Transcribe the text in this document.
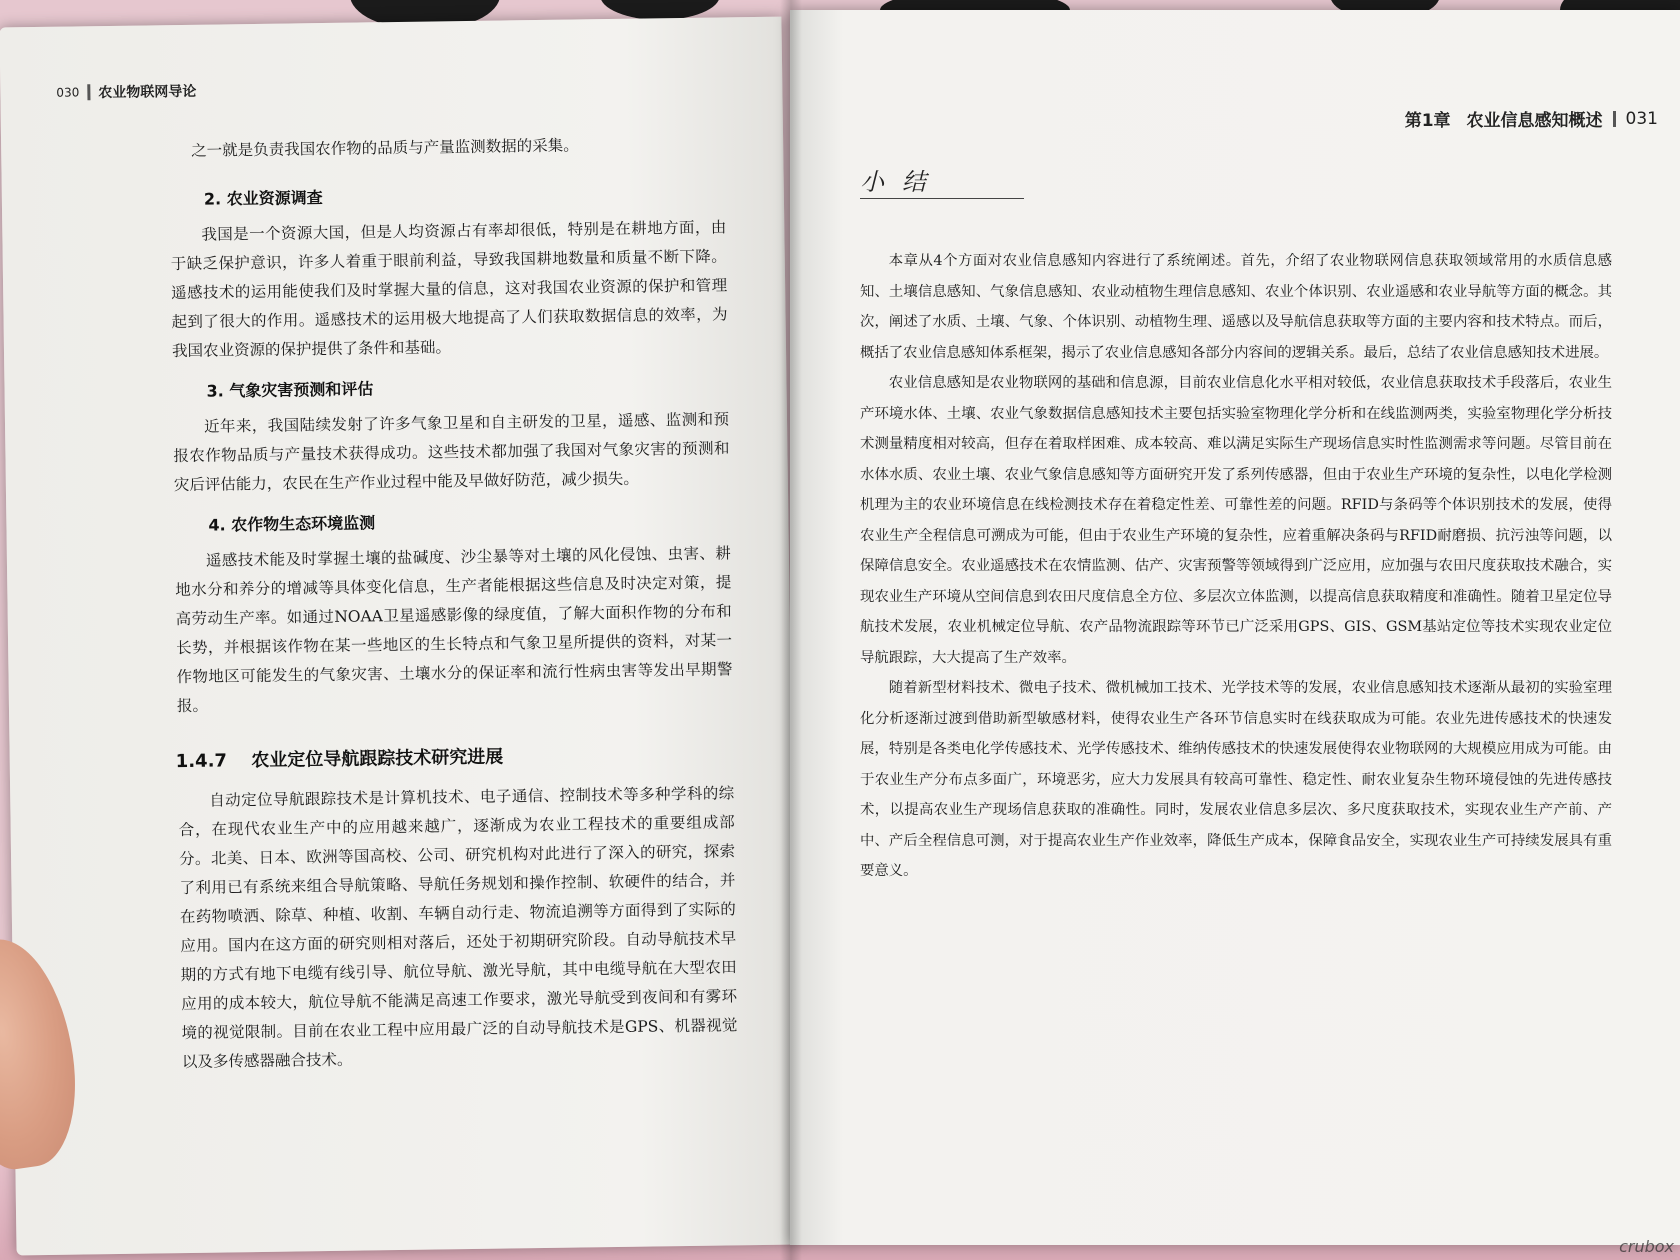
030 农业物联网导论

之一就是负责我国农作物的品质与产量监测数据的采集。

2. 农业资源调查

我国是一个资源大国，但是人均资源占有率却很低，特别是在耕地方面，由于缺乏保护意识，许多人着重于眼前利益，导致我国耕地数量和质量不断下降。遥感技术的运用能使我们及时掌握大量的信息，这对我国农业资源的保护和管理起到了很大的作用。遥感技术的运用极大地提高了人们获取数据信息的效率，为我国农业资源的保护提供了条件和基础。

3. 气象灾害预测和评估

近年来，我国陆续发射了许多气象卫星和自主研发的卫星，遥感、监测和预报农作物品质与产量技术获得成功。这些技术都加强了我国对气象灾害的预测和灾后评估能力，农民在生产作业过程中能及早做好防范，减少损失。

4. 农作物生态环境监测

遥感技术能及时掌握土壤的盐碱度、沙尘暴等对土壤的风化侵蚀、虫害、耕地水分和养分的增减等具体变化信息，生产者能根据这些信息及时决定对策，提高劳动生产率。如通过NOAA卫星遥感影像的绿度值，了解大面积作物的分布和长势，并根据该作物在某一些地区的生长特点和气象卫星所提供的资料，对某一作物地区可能发生的气象灾害、土壤水分的保证率和流行性病虫害等发出早期警报。

1.4.7 农业定位导航跟踪技术研究进展

自动定位导航跟踪技术是计算机技术、电子通信、控制技术等多种学科的综合，在现代农业生产中的应用越来越广，逐渐成为农业工程技术的重要组成部分。北美、日本、欧洲等国高校、公司、研究机构对此进行了深入的研究，探索了利用已有系统来组合导航策略、导航任务规划和操作控制、软硬件的结合，并在药物喷洒、除草、种植、收割、车辆自动行走、物流追溯等方面得到了实际的应用。国内在这方面的研究则相对落后，还处于初期研究阶段。自动导航技术早期的方式有地下电缆有线引导、航位导航、激光导航，其中电缆导航在大型农田应用的成本较大，航位导航不能满足高速工作要求，激光导航受到夜间和有雾环境的视觉限制。目前在农业工程中应用最广泛的自动导航技术是GPS、机器视觉以及多传感器融合技术。

第1章 农业信息感知概述 031
小结

本章从4个方面对农业信息感知内容进行了系统阐述。首先，介绍了农业物联网信息获取领域常用的水质信息感知、土壤信息感知、气象信息感知、农业动植物生理信息感知、农业个体识别、农业遥感和农业导航等方面的概念。其次，阐述了水质、土壤、气象、个体识别、动植物生理、遥感以及导航信息获取等方面的主要内容和技术特点。而后，概括了农业信息感知体系框架，揭示了农业信息感知各部分内容间的逻辑关系。最后，总结了农业信息感知技术进展。

农业信息感知是农业物联网的基础和信息源，目前农业信息化水平相对较低，农业信息获取技术手段落后，农业生产环境水体、土壤、农业气象数据信息感知技术主要包括实验室物理化学分析和在线监测两类，实验室物理化学分析技术测量精度相对较高，但存在着取样困难、成本较高、难以满足实际生产现场信息实时性监测需求等问题。尽管目前在水体水质、农业土壤、农业气象信息感知等方面研究开发了系列传感器，但由于农业生产环境的复杂性，以电化学检测机理为主的农业环境信息在线检测技术存在着稳定性差、可靠性差的问题。RFID与条码等个体识别技术的发展，使得农业生产全程信息可溯成为可能，但由于农业生产环境的复杂性，应着重解决条码与RFID耐磨损、抗污浊等问题，以保障信息安全。农业遥感技术在农情监测、估产、灾害预警等领域得到广泛应用，应加强与农田尺度获取技术融合，实现农业生产环境从空间信息到农田尺度信息全方位、多层次立体监测，以提高信息获取精度和准确性。随着卫星定位导航技术发展，农业机械定位导航、农产品物流跟踪等环节已广泛采用GPS、GIS、GSM基站定位等技术实现农业定位导航跟踪，大大提高了生产效率。

随着新型材料技术、微电子技术、微机械加工技术、光学技术等的发展，农业信息感知技术逐渐从最初的实验室理化分析逐渐过渡到借助新型敏感材料，使得农业生产各环节信息实时在线获取成为可能。农业先进传感技术的快速发展，特别是各类电化学传感技术、光学传感技术、维纳传感技术的快速发展使得农业物联网的大规模应用成为可能。由于农业生产分布点多面广，环境恶劣，应大力发展具有较高可靠性、稳定性、耐农业复杂生物环境侵蚀的先进传感技术，以提高农业生产现场信息获取的准确性。同时，发展农业信息多层次、多尺度获取技术，实现农业生产产前、产中、产后全程信息可测，对于提高农业生产作业效率，降低生产成本，保障食品安全，实现农业生产可持续发展具有重要意义。

crubox
